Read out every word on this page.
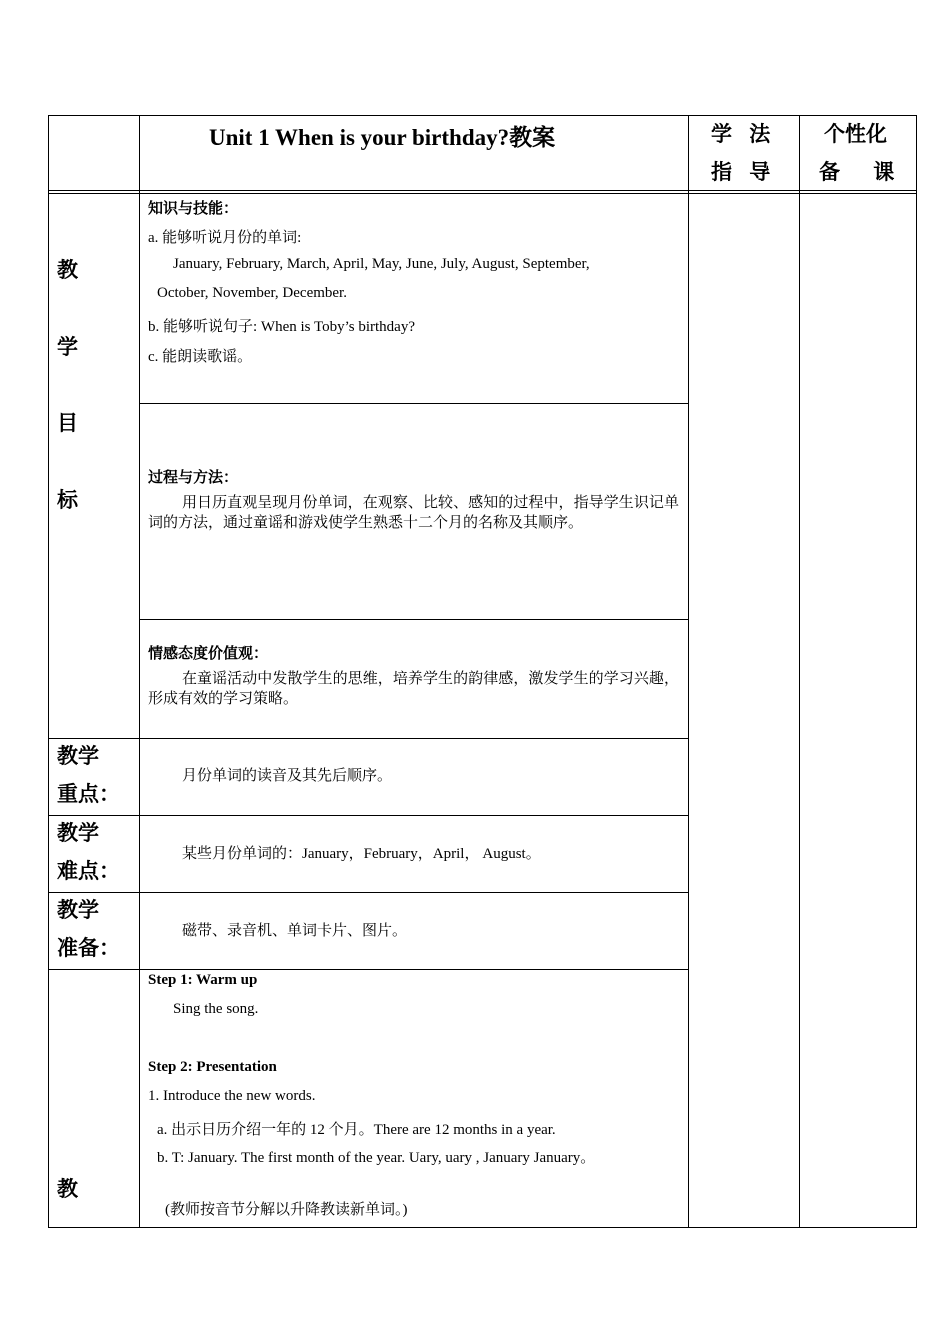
Unit 1 When is your birthday?教案	学 法
指 导
个性化
备 课
教
学
目
标
知识与技能：
a. 能够听说月份的单词:
January, February, March, April, May, June, July, August, September,
October, November, December.
b. 能够听说句子: When is Toby’s birthday?
c. 能朗读歌谣。
过程与方法：
用日历直观呈现月份单词，在观察、比较、感知的过程中，指导学生识记单词的方法，通过童谣和游戏使学生熟悉十二个月的名称及其顺序。
情感态度价值观：
在童谣活动中发散学生的思维，培养学生的韵律感，激发学生的学习兴趣，形成有效的学习策略。
教学
重点：
月份单词的读音及其先后顺序。
教学
难点：
某些月份单词的：January，February，April， August。
教学
准备：
磁带、录音机、单词卡片、图片。
教
Step 1: Warm up
Sing the song.
Step 2: Presentation
1. Introduce the new words.
a. 出示日历介绍一年的 12 个月。There are 12 months in a year.
b. T: January. The first month of the year. Uary, uary , January January。
(教师按音节分解以升降教读新单词。)
